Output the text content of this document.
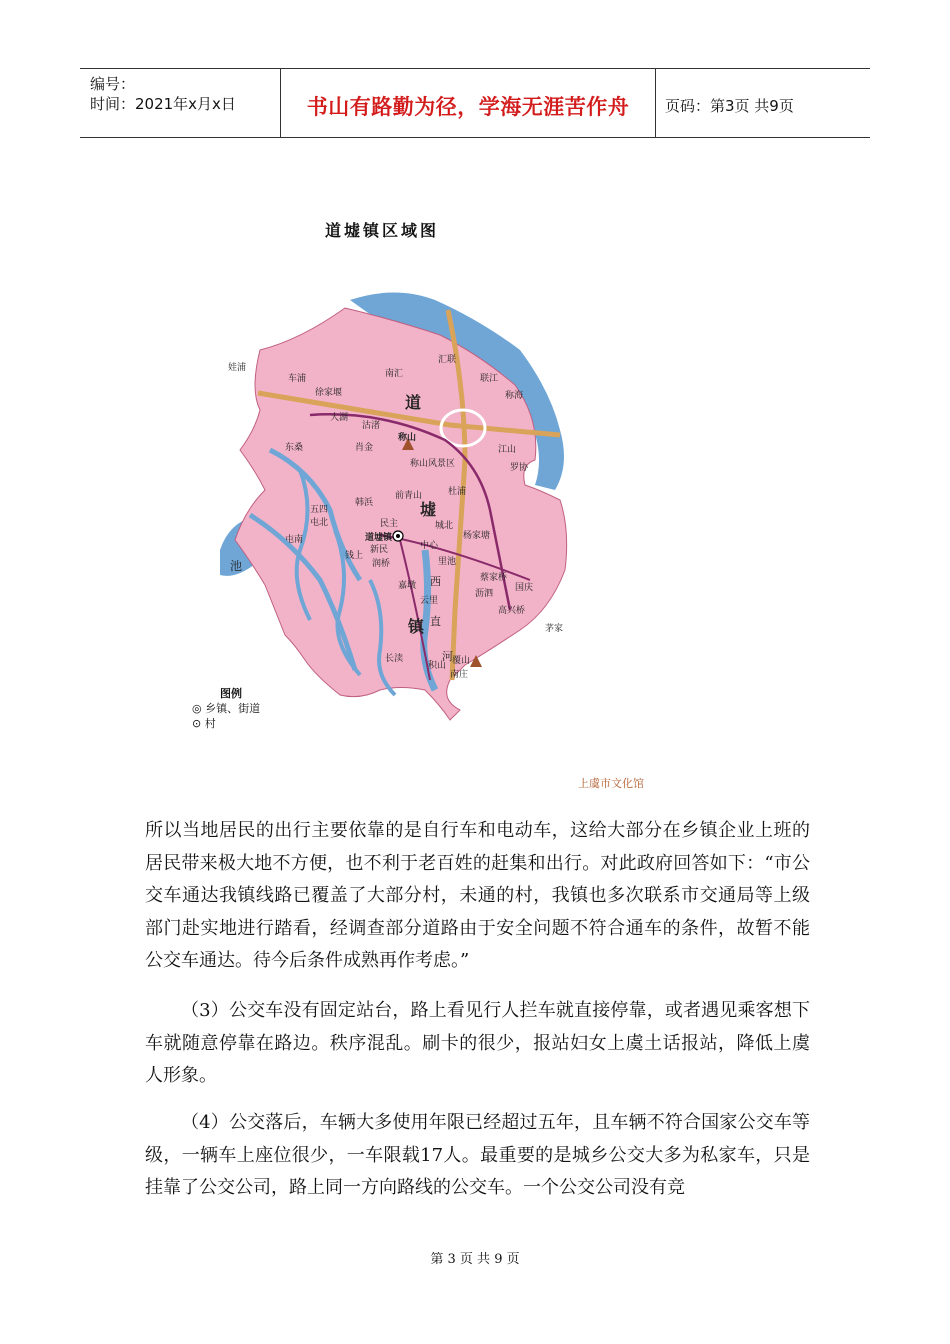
编号：
时间：2021年x月x日	书山有路勤为径，学海无涯苦作舟	页码：第3页 共9页
道墟镇区域图
道
墟
镇
池
西
直
河
娃浦
车浦
徐家堰
南汇
汇联
联江
称海
大湖
沽渚
东桑	肖金
称山
称山风景区
江山
罗协
杜浦
前青山
韩浜
五四
屯北
屯南
民主
道墟镇
城北
杨家塘
新民
钱上
润桥
中心
里池
蔡家桥
国庆
沥泗
嘉墩
云里
高兴桥
茅家
长渎
积山 覆山
南庄
图例
◎ 乡镇、街道
⊙ 村
上虞市文化馆

所以当地居民的出行主要依靠的是自行车和电动车，这给大部分在乡镇企业上班的居民带来极大地不方便，也不利于老百姓的赶集和出行。对此政府回答如下：“市公交车通达我镇线路已覆盖了大部分村，未通的村，我镇也多次联系市交通局等上级部门赴实地进行踏看，经调查部分道路由于安全问题不符合通车的条件，故暂不能公交车通达。待今后条件成熟再作考虑。”

（3）公交车没有固定站台，路上看见行人拦车就直接停靠，或者遇见乘客想下车就随意停靠在路边。秩序混乱。刷卡的很少，报站妇女上虞土话报站，降低上虞人形象。

（4）公交落后，车辆大多使用年限已经超过五年，且车辆不符合国家公交车等级，一辆车上座位很少，一车限载17人。最重要的是城乡公交大多为私家车，只是挂靠了公交公司，路上同一方向路线的公交车。一个公交公司没有竞

第 3 页 共 9 页
